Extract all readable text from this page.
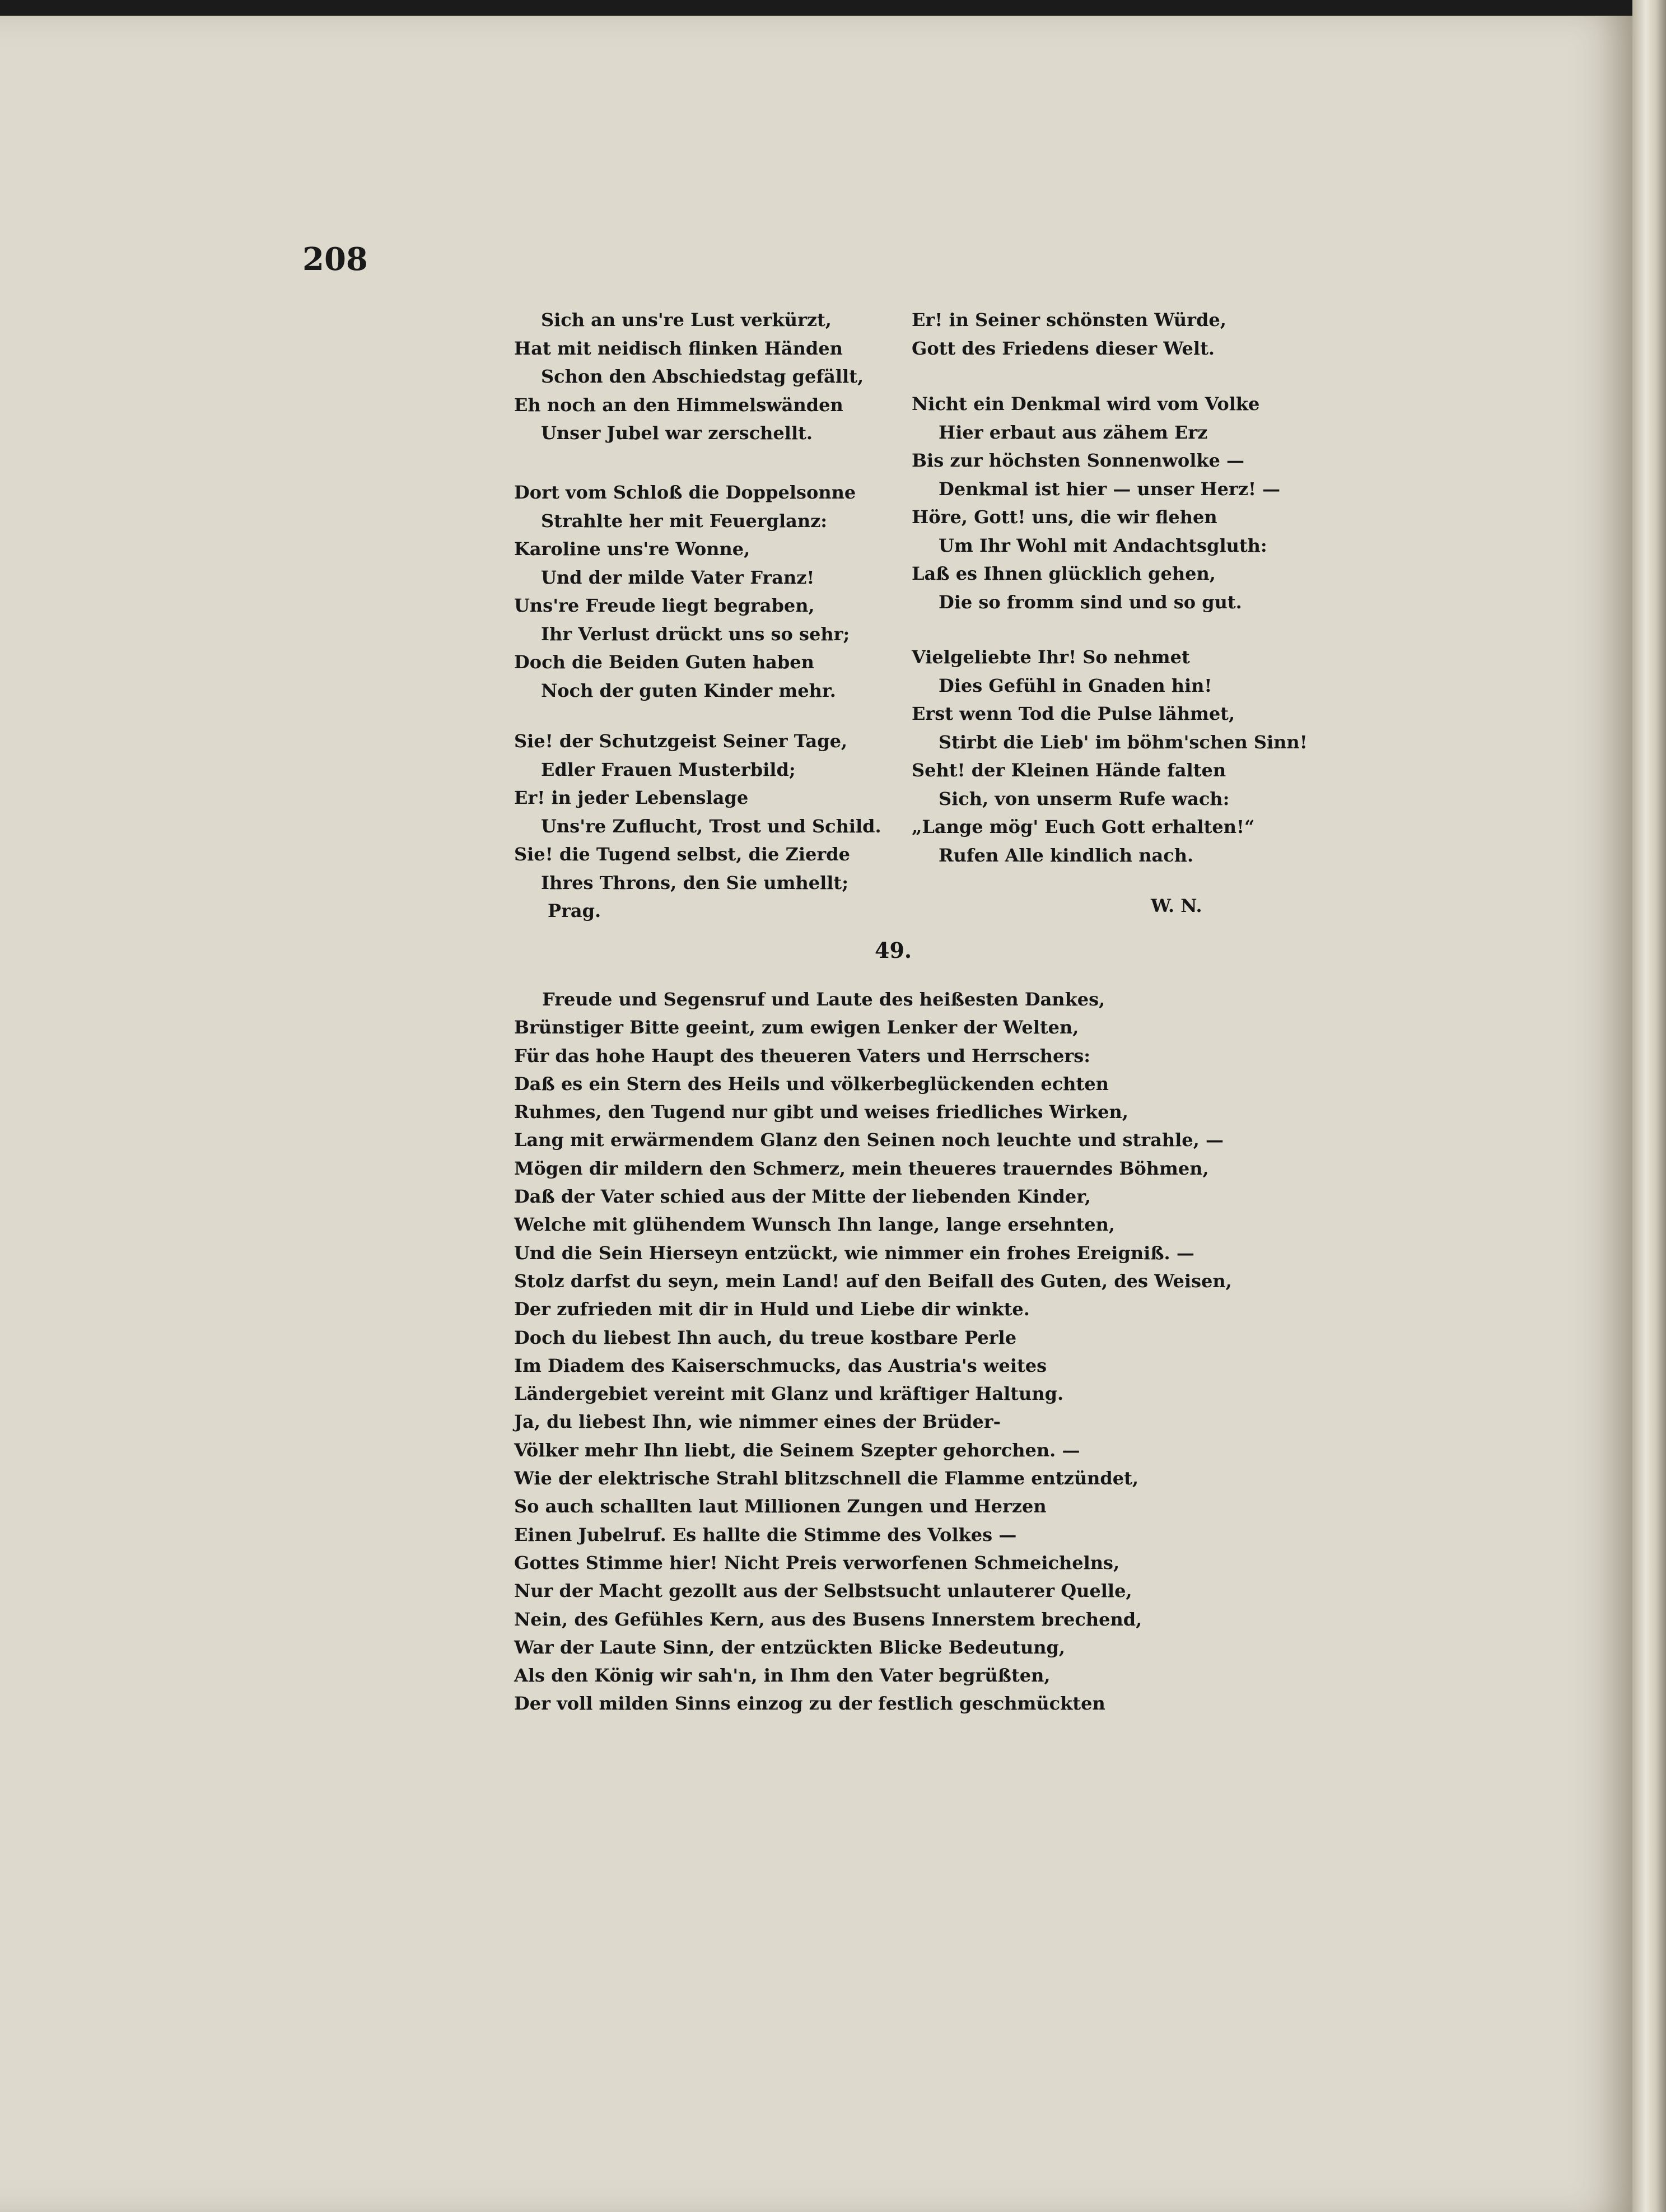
208
Sich an uns're Lust verkürzt,
Hat mit neidisch flinken Händen
Schon den Abschiedstag gefällt,
Eh noch an den Himmelswänden
Unser Jubel war zerschellt.
Dort vom Schloß die Doppelsonne
Strahlte her mit Feuerglanz:
Karoline uns're Wonne,
Und der milde Vater Franz!
Uns're Freude liegt begraben,
Ihr Verlust drückt uns so sehr;
Doch die Beiden Guten haben
Noch der guten Kinder mehr.
Sie! der Schutzgeist Seiner Tage,
Edler Frauen Musterbild;
Er! in jeder Lebenslage
Uns're Zuflucht, Trost und Schild.
Sie! die Tugend selbst, die Zierde
Ihres Throns, den Sie umhellt;
Prag.
Er! in Seiner schönsten Würde,
Gott des Friedens dieser Welt.
Nicht ein Denkmal wird vom Volke
Hier erbaut aus zähem Erz
Bis zur höchsten Sonnenwolke —
Denkmal ist hier — unser Herz! —
Höre, Gott! uns, die wir flehen
Um Ihr Wohl mit Andachtsgluth:
Laß es Ihnen glücklich gehen,
Die so fromm sind und so gut.
Vielgeliebte Ihr! So nehmet
Dies Gefühl in Gnaden hin!
Erst wenn Tod die Pulse lähmet,
Stirbt die Lieb' im böhm'schen Sinn!
Seht! der Kleinen Hände falten
Sich, von unserm Rufe wach:
„Lange mög' Euch Gott erhalten!“
Rufen Alle kindlich nach.
W. N.
49.
Freude und Segensruf und Laute des heißesten Dankes,
Brünstiger Bitte geeint, zum ewigen Lenker der Welten,
Für das hohe Haupt des theueren Vaters und Herrschers:
Daß es ein Stern des Heils und völkerbeglückenden echten
Ruhmes, den Tugend nur gibt und weises friedliches Wirken,
Lang mit erwärmendem Glanz den Seinen noch leuchte und strahle, —
Mögen dir mildern den Schmerz, mein theueres trauerndes Böhmen,
Daß der Vater schied aus der Mitte der liebenden Kinder,
Welche mit glühendem Wunsch Ihn lange, lange ersehnten,
Und die Sein Hierseyn entzückt, wie nimmer ein frohes Ereigniß. —
Stolz darfst du seyn, mein Land! auf den Beifall des Guten, des Weisen,
Der zufrieden mit dir in Huld und Liebe dir winkte.
Doch du liebest Ihn auch, du treue kostbare Perle
Im Diadem des Kaiserschmucks, das Austria's weites
Ländergebiet vereint mit Glanz und kräftiger Haltung.
Ja, du liebest Ihn, wie nimmer eines der Brüder-
Völker mehr Ihn liebt, die Seinem Szepter gehorchen. —
Wie der elektrische Strahl blitzschnell die Flamme entzündet,
So auch schallten laut Millionen Zungen und Herzen
Einen Jubelruf. Es hallte die Stimme des Volkes —
Gottes Stimme hier! Nicht Preis verworfenen Schmeichelns,
Nur der Macht gezollt aus der Selbstsucht unlauterer Quelle,
Nein, des Gefühles Kern, aus des Busens Innerstem brechend,
War der Laute Sinn, der entzückten Blicke Bedeutung,
Als den König wir sah'n, in Ihm den Vater begrüßten,
Der voll milden Sinns einzog zu der festlich geschmückten
